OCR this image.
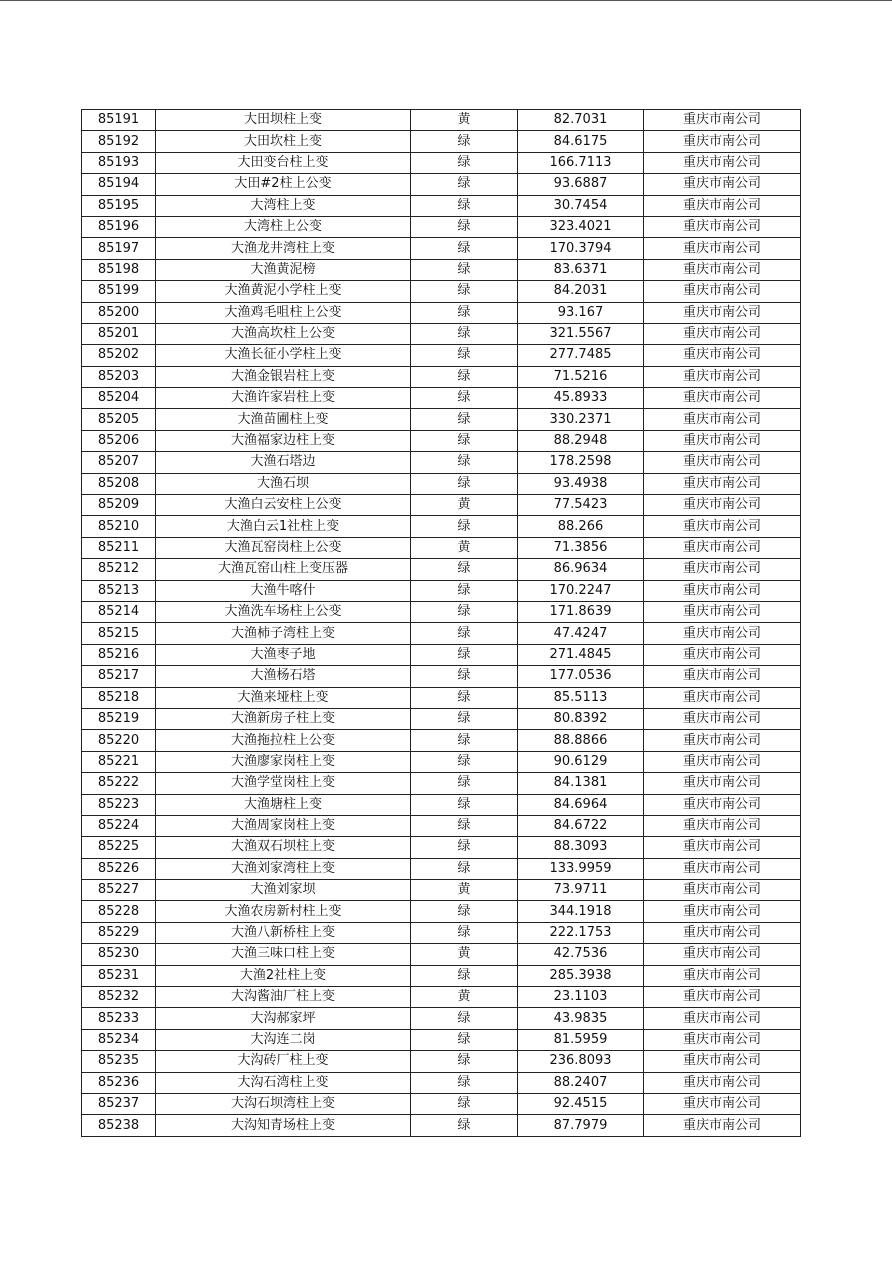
85191	大田坝柱上变	黄	82.7031	重庆市南公司
85192	大田坎柱上变	绿	84.6175	重庆市南公司
85193	大田变台柱上变	绿	166.7113	重庆市南公司
85194	大田#2柱上公变	绿	93.6887	重庆市南公司
85195	大湾柱上变	绿	30.7454	重庆市南公司
85196	大湾柱上公变	绿	323.4021	重庆市南公司
85197	大渔龙井湾柱上变	绿	170.3794	重庆市南公司
85198	大渔黄泥榜	绿	83.6371	重庆市南公司
85199	大渔黄泥小学柱上变	绿	84.2031	重庆市南公司
85200	大渔鸡毛咀柱上公变	绿	93.167	重庆市南公司
85201	大渔高坎柱上公变	绿	321.5567	重庆市南公司
85202	大渔长征小学柱上变	绿	277.7485	重庆市南公司
85203	大渔金银岩柱上变	绿	71.5216	重庆市南公司
85204	大渔许家岩柱上变	绿	45.8933	重庆市南公司
85205	大渔苗圃柱上变	绿	330.2371	重庆市南公司
85206	大渔福家边柱上变	绿	88.2948	重庆市南公司
85207	大渔石塔边	绿	178.2598	重庆市南公司
85208	大渔石坝	绿	93.4938	重庆市南公司
85209	大渔白云安柱上公变	黄	77.5423	重庆市南公司
85210	大渔白云1社柱上变	绿	88.266	重庆市南公司
85211	大渔瓦窑岗柱上公变	黄	71.3856	重庆市南公司
85212	大渔瓦窑山柱上变压器	绿	86.9634	重庆市南公司
85213	大渔牛喀什	绿	170.2247	重庆市南公司
85214	大渔洗车场柱上公变	绿	171.8639	重庆市南公司
85215	大渔柿子湾柱上变	绿	47.4247	重庆市南公司
85216	大渔枣子地	绿	271.4845	重庆市南公司
85217	大渔杨石塔	绿	177.0536	重庆市南公司
85218	大渔来垭柱上变	绿	85.5113	重庆市南公司
85219	大渔新房子柱上变	绿	80.8392	重庆市南公司
85220	大渔拖拉柱上公变	绿	88.8866	重庆市南公司
85221	大渔廖家岗柱上变	绿	90.6129	重庆市南公司
85222	大渔学堂岗柱上变	绿	84.1381	重庆市南公司
85223	大渔塘柱上变	绿	84.6964	重庆市南公司
85224	大渔周家岗柱上变	绿	84.6722	重庆市南公司
85225	大渔双石坝柱上变	绿	88.3093	重庆市南公司
85226	大渔刘家湾柱上变	绿	133.9959	重庆市南公司
85227	大渔刘家坝	黄	73.9711	重庆市南公司
85228	大渔农房新村柱上变	绿	344.1918	重庆市南公司
85229	大渔八新桥柱上变	绿	222.1753	重庆市南公司
85230	大渔三味口柱上变	黄	42.7536	重庆市南公司
85231	大渔2社柱上变	绿	285.3938	重庆市南公司
85232	大沟酱油厂柱上变	黄	23.1103	重庆市南公司
85233	大沟郝家坪	绿	43.9835	重庆市南公司
85234	大沟连二岗	绿	81.5959	重庆市南公司
85235	大沟砖厂柱上变	绿	236.8093	重庆市南公司
85236	大沟石湾柱上变	绿	88.2407	重庆市南公司
85237	大沟石坝湾柱上变	绿	92.4515	重庆市南公司
85238	大沟知青场柱上变	绿	87.7979	重庆市南公司
